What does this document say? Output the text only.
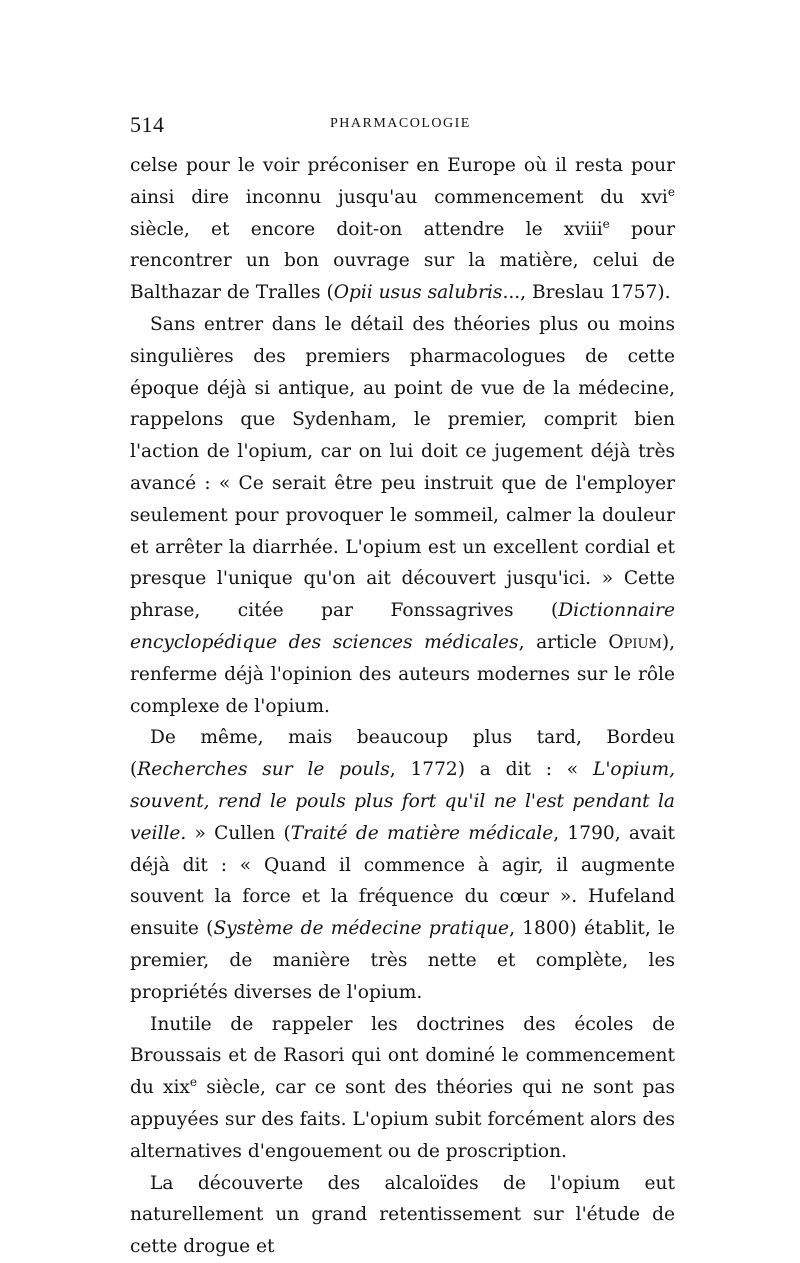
514	PHARMACOLOGIE

celse pour le voir préconiser en Europe où il resta pour ainsi dire inconnu jusqu'au commencement du xvi$^e$ siècle, et encore doit-on attendre le xviii$^e$ pour rencontrer un bon ouvrage sur la matière, celui de Balthazar de Tralles (Opii usus salubris..., Breslau 1757).

Sans entrer dans le détail des théories plus ou moins singulières des premiers pharmacologues de cette époque déjà si antique, au point de vue de la médecine, rappelons que Sydenham, le premier, comprit bien l'action de l'opium, car on lui doit ce jugement déjà très avancé : « Ce serait être peu instruit que de l'employer seulement pour provoquer le sommeil, calmer la douleur et arrêter la diarrhée. L'opium est un excellent cordial et presque l'unique qu'on ait découvert jusqu'ici. » Cette phrase, citée par Fonssagrives (Dictionnaire encyclopédique des sciences médicales, article Opium), renferme déjà l'opinion des auteurs modernes sur le rôle complexe de l'opium.

De même, mais beaucoup plus tard, Bordeu (Recherches sur le pouls, 1772) a dit : « L'opium, souvent, rend le pouls plus fort qu'il ne l'est pendant la veille. » Cullen (Traité de matière médicale, 1790, avait déjà dit : « Quand il commence à agir, il augmente souvent la force et la fréquence du cœur ». Hufeland ensuite (Système de médecine pratique, 1800) établit, le premier, de manière très nette et complète, les propriétés diverses de l'opium.

Inutile de rappeler les doctrines des écoles de Broussais et de Rasori qui ont dominé le commencement du xix$^e$ siècle, car ce sont des théories qui ne sont pas appuyées sur des faits. L'opium subit forcément alors des alternatives d'engouement ou de proscription.

La découverte des alcaloïdes de l'opium eut naturellement un grand retentissement sur l'étude de cette drogue et
